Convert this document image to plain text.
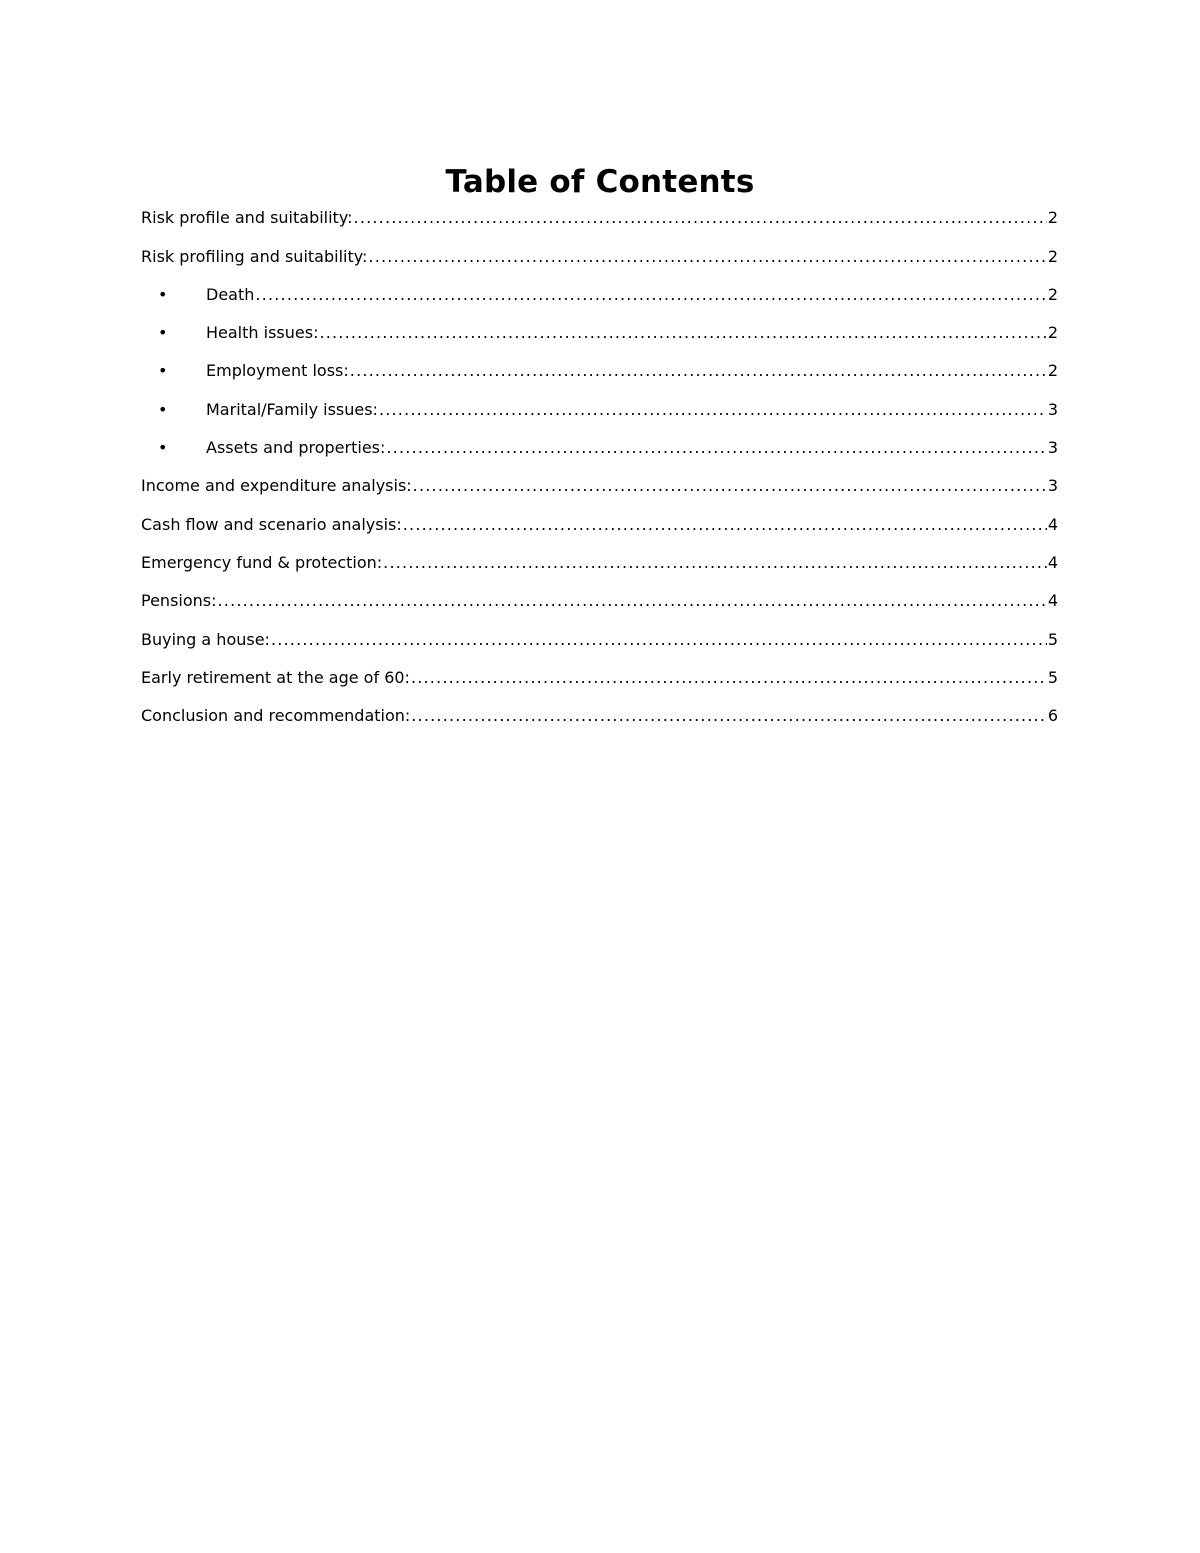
Table of Contents
Risk profile and suitability: .....	2
Risk profiling and suitability: .....	2
•	Death .....	2
•	Health issues: .....	2
•	Employment loss: .....	2
•	Marital/Family issues: .....	3
•	Assets and properties: .....	3
Income and expenditure analysis: .....	3
Cash flow and scenario analysis: .....	4
Emergency fund & protection: .....	4
Pensions: .....	4
Buying a house: .....	5
Early retirement at the age of 60: .....	5
Conclusion and recommendation: .....	6
